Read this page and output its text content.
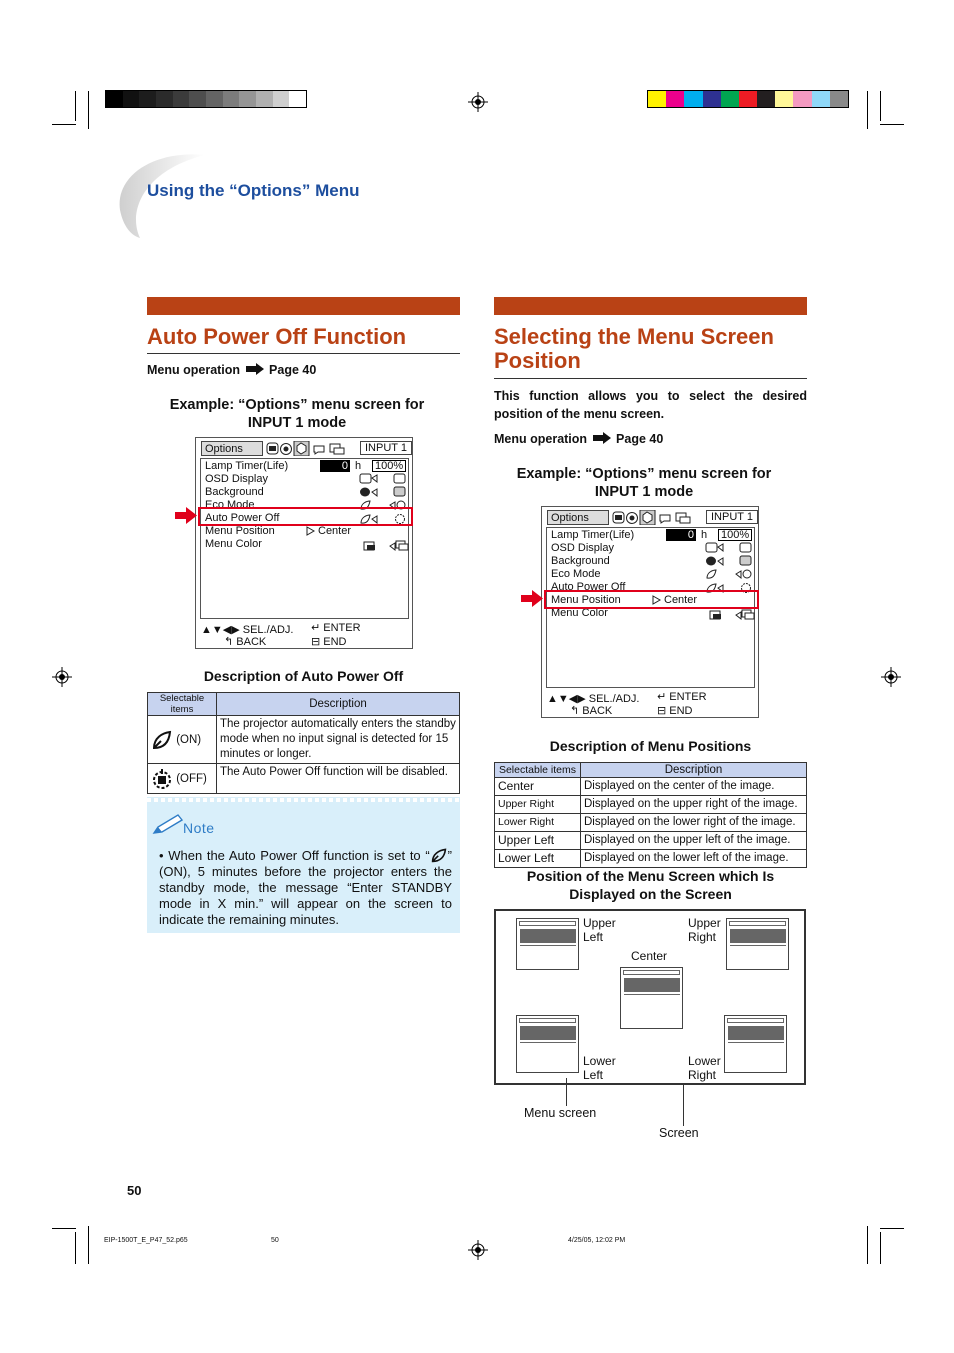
Using the “Options” Menu
Auto Power Off Function
Menu operation Page 40
Example: “Options” menu screen for
INPUT 1 mode
Options	INPUT 1
Lamp Timer(Life)
OSD Display
Background
Eco Mode
Auto Power Off
Menu Position
Menu Color
0 h 100%
Center
▲▼◀▶ SEL./ADJ. ↵ ENTER
↰ BACK	⊟ END
Description of Auto Power Off
Selectable items	Description
(ON)	The projector automatically enters the standby mode when no input signal is detected for 15 minutes or longer.
(OFF)	The Auto Power Off function will be disabled.
Note
• When the Auto Power Off function is set to “ ” (ON), 5 minutes before the projector enters the standby mode, the message “Enter STANDBY mode in X min.” will appear on the screen to indicate the remaining minutes.
Selecting the Menu Screen
Position
This function allows you to select the desired position of the menu screen.
Menu operation Page 40
Example: “Options” menu screen for
INPUT 1 mode
Options	INPUT 1
Lamp Timer(Life)
OSD Display
Background
Eco Mode
Auto Power Off
Menu Position
Menu Color
0 h 100%
Center
▲▼◀▶ SEL./ADJ. ↵ ENTER
↰ BACK	⊟ END
Description of Menu Positions
Selectable items	Description
Center	Displayed on the center of the image.
Upper Right	Displayed on the upper right of the image.
Lower Right	Displayed on the lower right of the image.
Upper Left	Displayed on the upper left of the image.
Lower Left	Displayed on the lower left of the image.
Position of the Menu Screen which Is
Displayed on the Screen
Upper
Left
Upper
Right
Center
Lower
Left
Lower
Right
Menu screen
Screen
50
EIP-1500T_E_P47_52.p65	50	4/25/05, 12:02 PM
